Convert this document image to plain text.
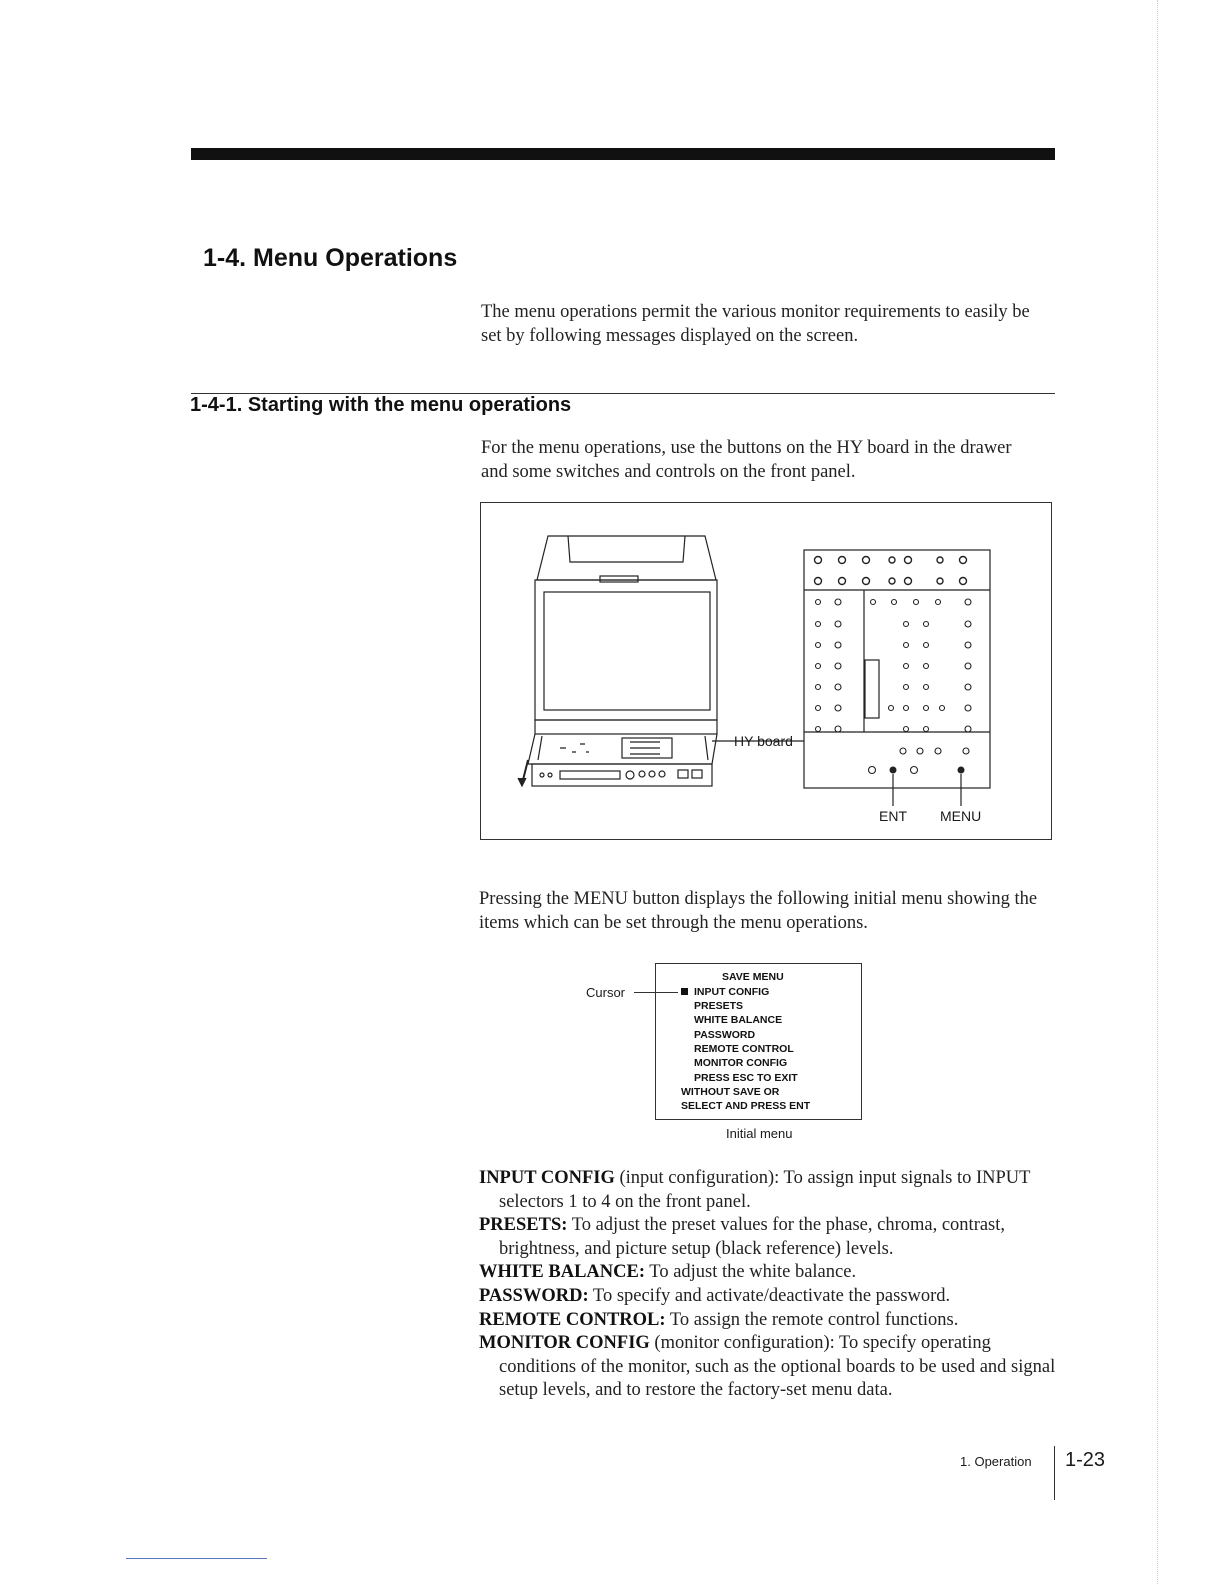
1-4. Menu Operations

The menu operations permit the various monitor requirements to easily be set by following messages displayed on the screen.

1-4-1. Starting with the menu operations

For the menu operations, use the buttons on the HY board in the drawer and some switches and controls on the front panel.

HY board
ENT MENU

Pressing the MENU button displays the following initial menu showing the items which can be set through the menu operations.

Cursor
SAVE MENU
INPUT CONFIG
PRESETS
WHITE BALANCE
PASSWORD
REMOTE CONTROL
MONITOR CONFIG
PRESS ESC TO EXIT
WITHOUT SAVE OR
SELECT AND PRESS ENT
Initial menu

INPUT CONFIG (input configuration): To assign input signals to INPUT selectors 1 to 4 on the front panel.

PRESETS: To adjust the preset values for the phase, chroma, contrast, brightness, and picture setup (black reference) levels.

WHITE BALANCE: To adjust the white balance.

PASSWORD: To specify and activate/deactivate the password.

REMOTE CONTROL: To assign the remote control functions.

MONITOR CONFIG (monitor configuration): To specify operating conditions of the monitor, such as the optional boards to be used and signal setup levels, and to restore the factory-set menu data.

1. Operation 1-23
